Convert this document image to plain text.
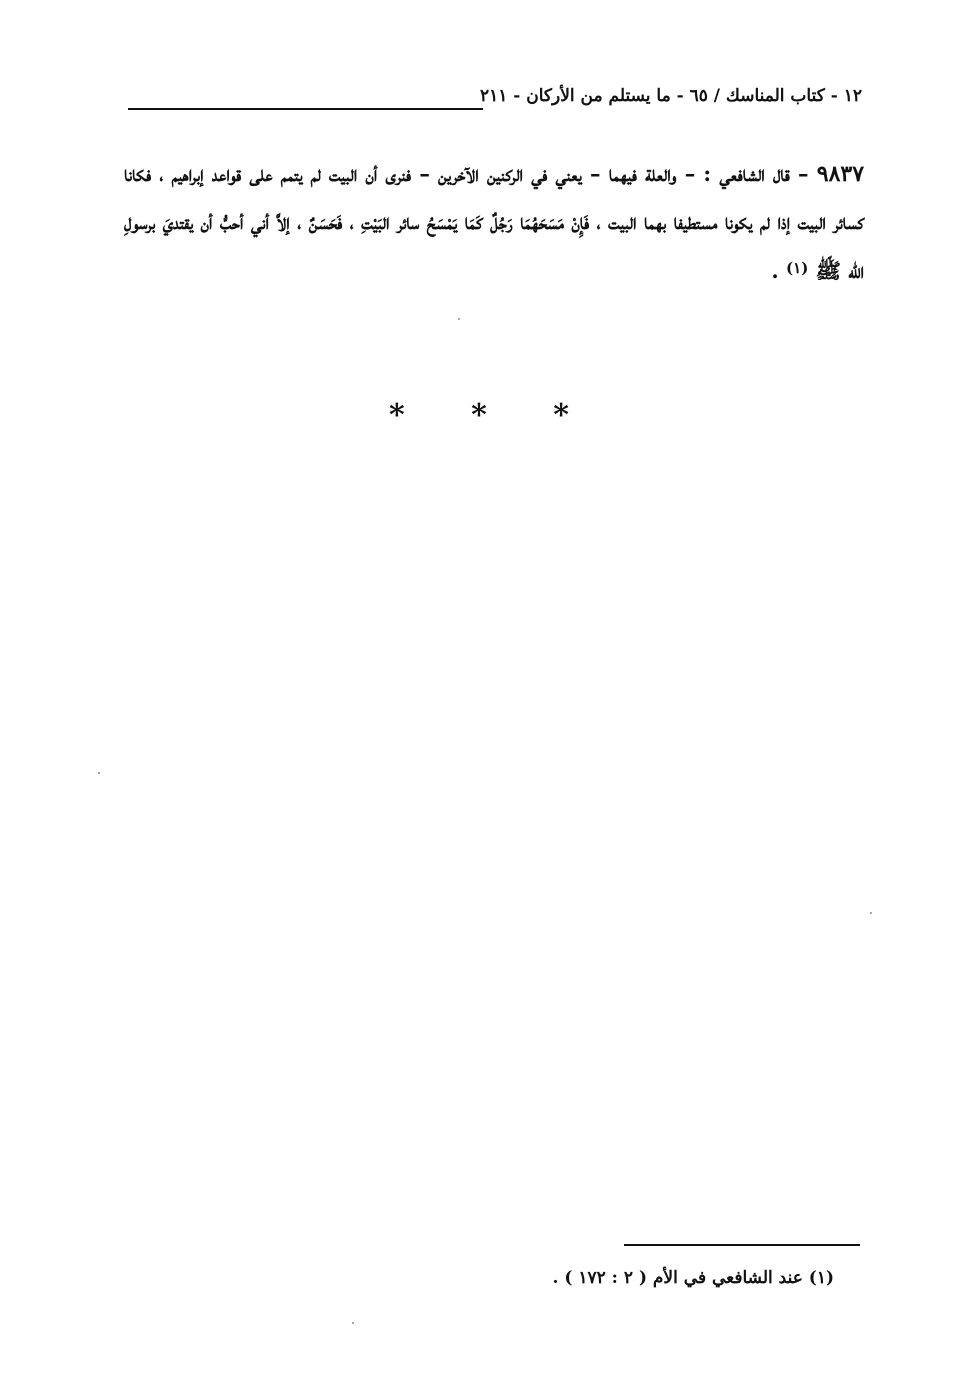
١٢ - كتاب المناسك / ٦٥ - ما يستلم من الأركان - ٢١١
٩٨٣٧ – قال الشافعي : – والعلة فيهما – يعني في الركنين الآخرين – فنرى أن البيت لم يتمم على قواعد إبراهيم ، فكانا كسائر البيت إذا لم يكونا مستطيفا بهما البيت ، فَإِنْ مَسَحَهُمَا رَجُلٌ كَمَا يَمْسَحُ سائر البَيْتِ ، فَحَسَنٌ ، إلاَّ أني أحبُّ أن يقتديَ برسولِ الله ﷺ $^{(١)}$ .
* * *
(١) عند الشافعي في الأم ( ٢ : ١٧٢ ) .
